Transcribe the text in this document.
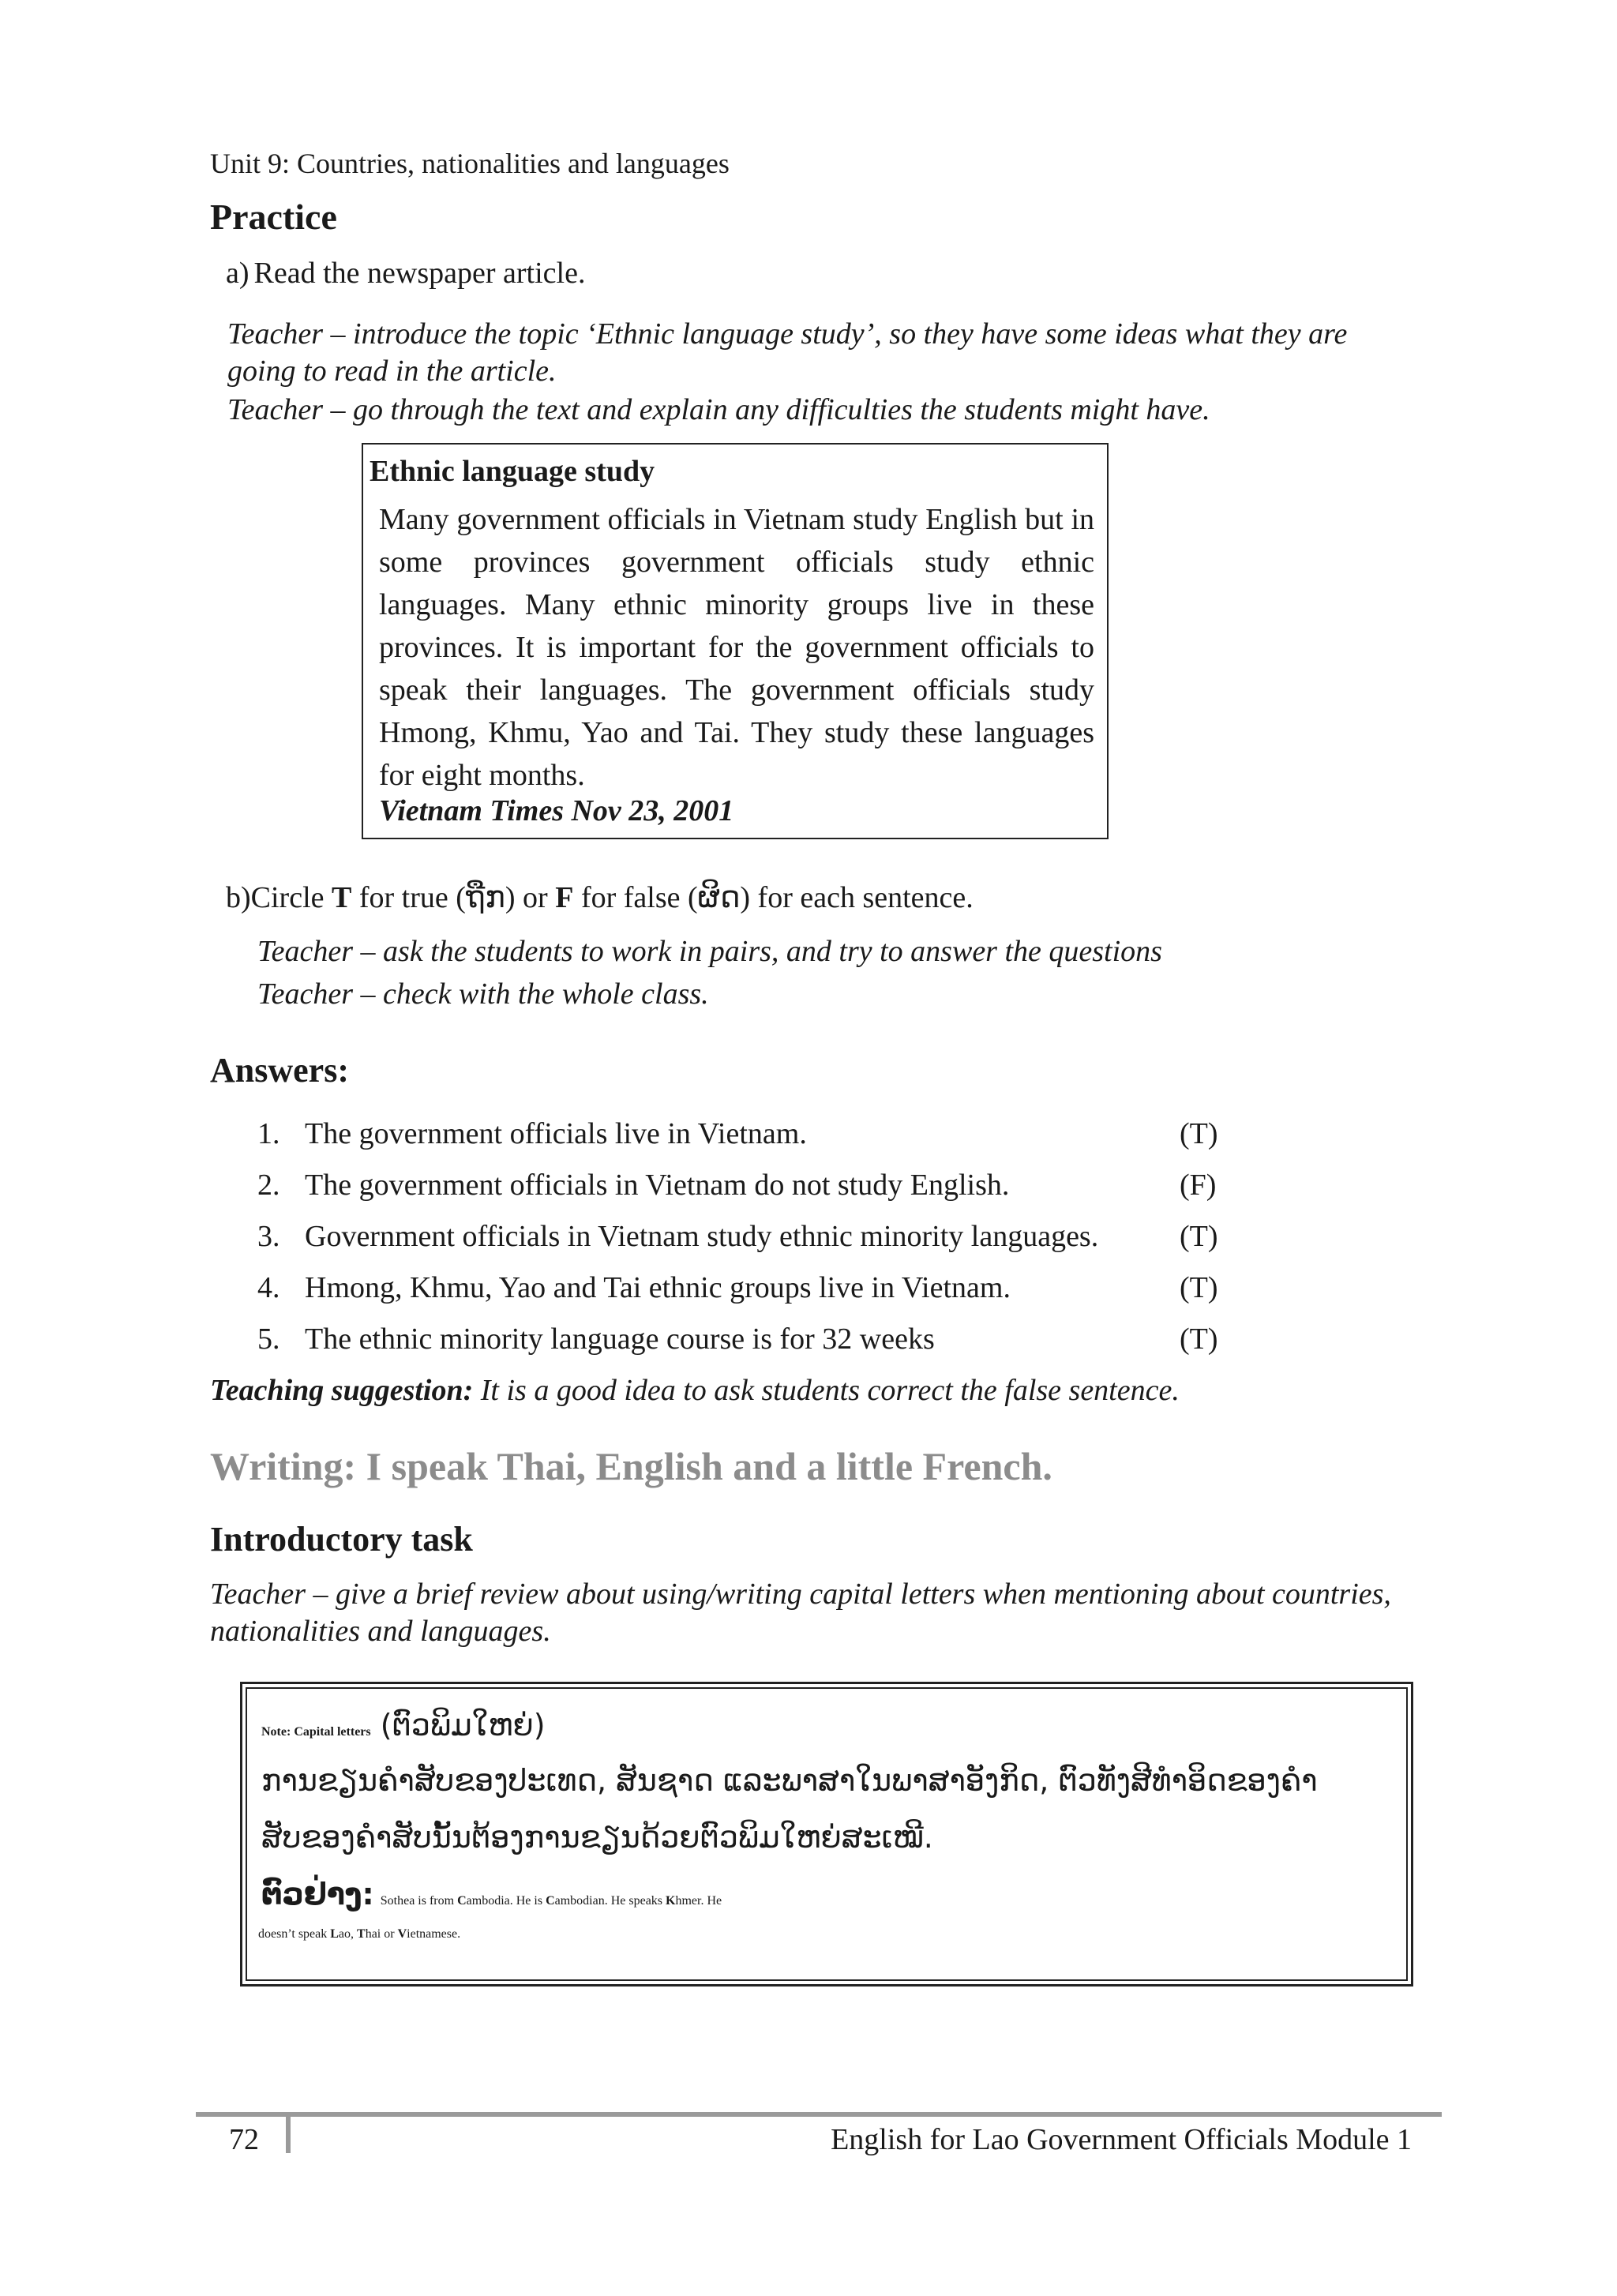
Unit 9: Countries, nationalities and languages
Practice
a) Read the newspaper article.
Teacher – introduce the topic ‘Ethnic language study’, so they have some ideas what they are going to read in the article.
Teacher – go through the text and explain any difficulties the students might have.
Ethnic language study
Many government officials in Vietnam study English but in some provinces government officials study ethnic languages. Many ethnic minority groups live in these provinces. It is important for the government officials to speak their languages. The government officials study Hmong, Khmu, Yao and Tai. They study these languages for eight months.
Vietnam Times Nov 23, 2001
b)Circle T for true (ຖືກ) or F for false (ຜິດ) for each sentence.
Teacher – ask the students to work in pairs, and try to answer the questions
Teacher – check with the whole class.
Answers:
1. The government officials live in Vietnam.	(T)
2. The government officials in Vietnam do not study English.	(F)
3. Government officials in Vietnam study ethnic minority languages.	(T)
4. Hmong, Khmu, Yao and Tai ethnic groups live in Vietnam.	(T)
5. The ethnic minority language course is for 32 weeks	(T)
Teaching suggestion: It is a good idea to ask students correct the false sentence.
Writing: I speak Thai, English and a little French.
Introductory task
Teacher – give a brief review about using/writing capital letters when mentioning about countries, nationalities and languages.
Note: Capital letters (ຕົວພິມໃຫຍ່)
ການຂຽນຄໍາສັບຂອງປະເທດ, ສັນຊາດ ແລະພາສາໃນພາສາອັງກິດ, ຕົວທັງສີທໍາອິດຂອງຄໍາ
ສັບຂອງຄໍາສັບນັ້ນຕ້ອງການຂຽນດ້ວຍຕົວພິມໃຫຍ່ສະເໝີ.
ຕົວຢ່າງ:  Sothea is from Cambodia. He is Cambodian. He speaks Khmer. He
doesn’t speak Lao, Thai or Vietnamese.
72	English for Lao Government Officials Module 1
